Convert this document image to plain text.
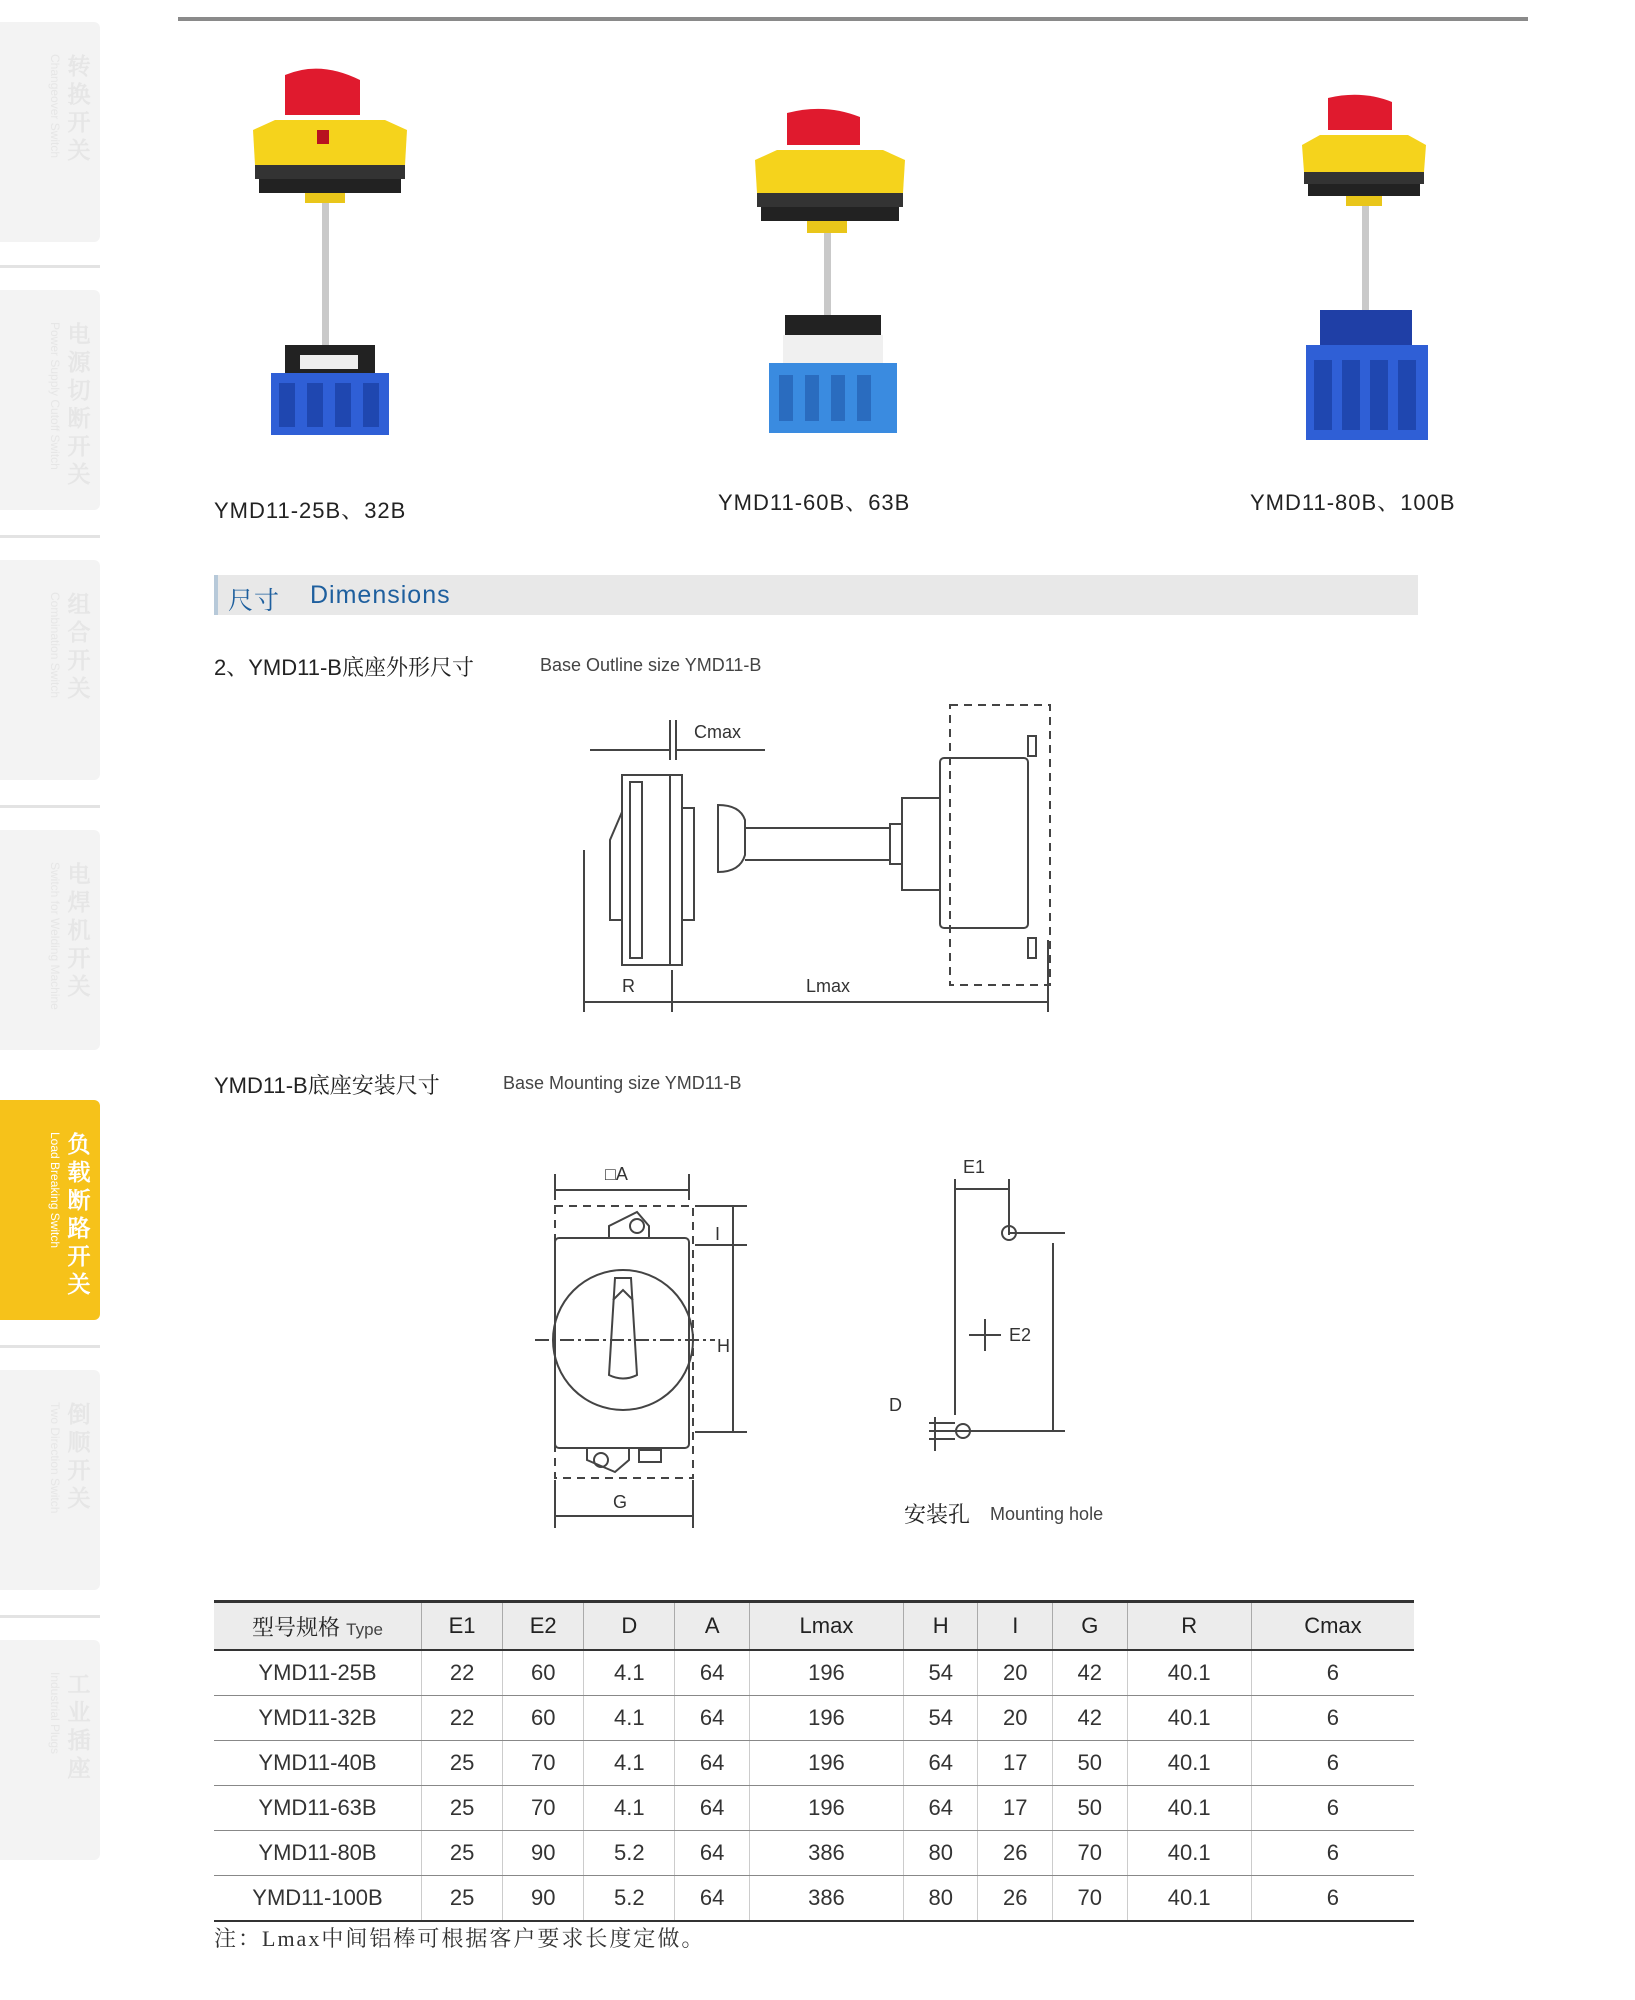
转换开关
Changeover Switch
电源切断开关
Power Supply Cutoff Switch
组合开关
Combination Switch
电焊机开关
Switch for Welding Machine
负载断路开关
Load Breaking Switch
倒顺开关
Two Direction Switch
工业插座
Industrial Plugs
YMD11-25B、32B	YMD11-60B、63B	YMD11-80B、100B
尺寸 Dimensions
2、YMD11-B底座外形尺寸	Base Outline size YMD11-B
Cmax
R	Lmax
YMD11-B底座安装尺寸	Base Mounting size YMD11-B
□A
I
H
G
E1
E2
D
安装孔 Mounting hole
型号规格 Type	E1	E2	D	A	Lmax	H	I	G	R	Cmax
YMD11-25B	22	60	4.1	64	196	54	20	42	40.1	6
YMD11-32B	22	60	4.1	64	196	54	20	42	40.1	6
YMD11-40B	25	70	4.1	64	196	64	17	50	40.1	6
YMD11-63B	25	70	4.1	64	196	64	17	50	40.1	6
YMD11-80B	25	90	5.2	64	386	80	26	70	40.1	6
YMD11-100B	25	90	5.2	64	386	80	26	70	40.1	6
注：Lmax中间铝棒可根据客户要求长度定做。
